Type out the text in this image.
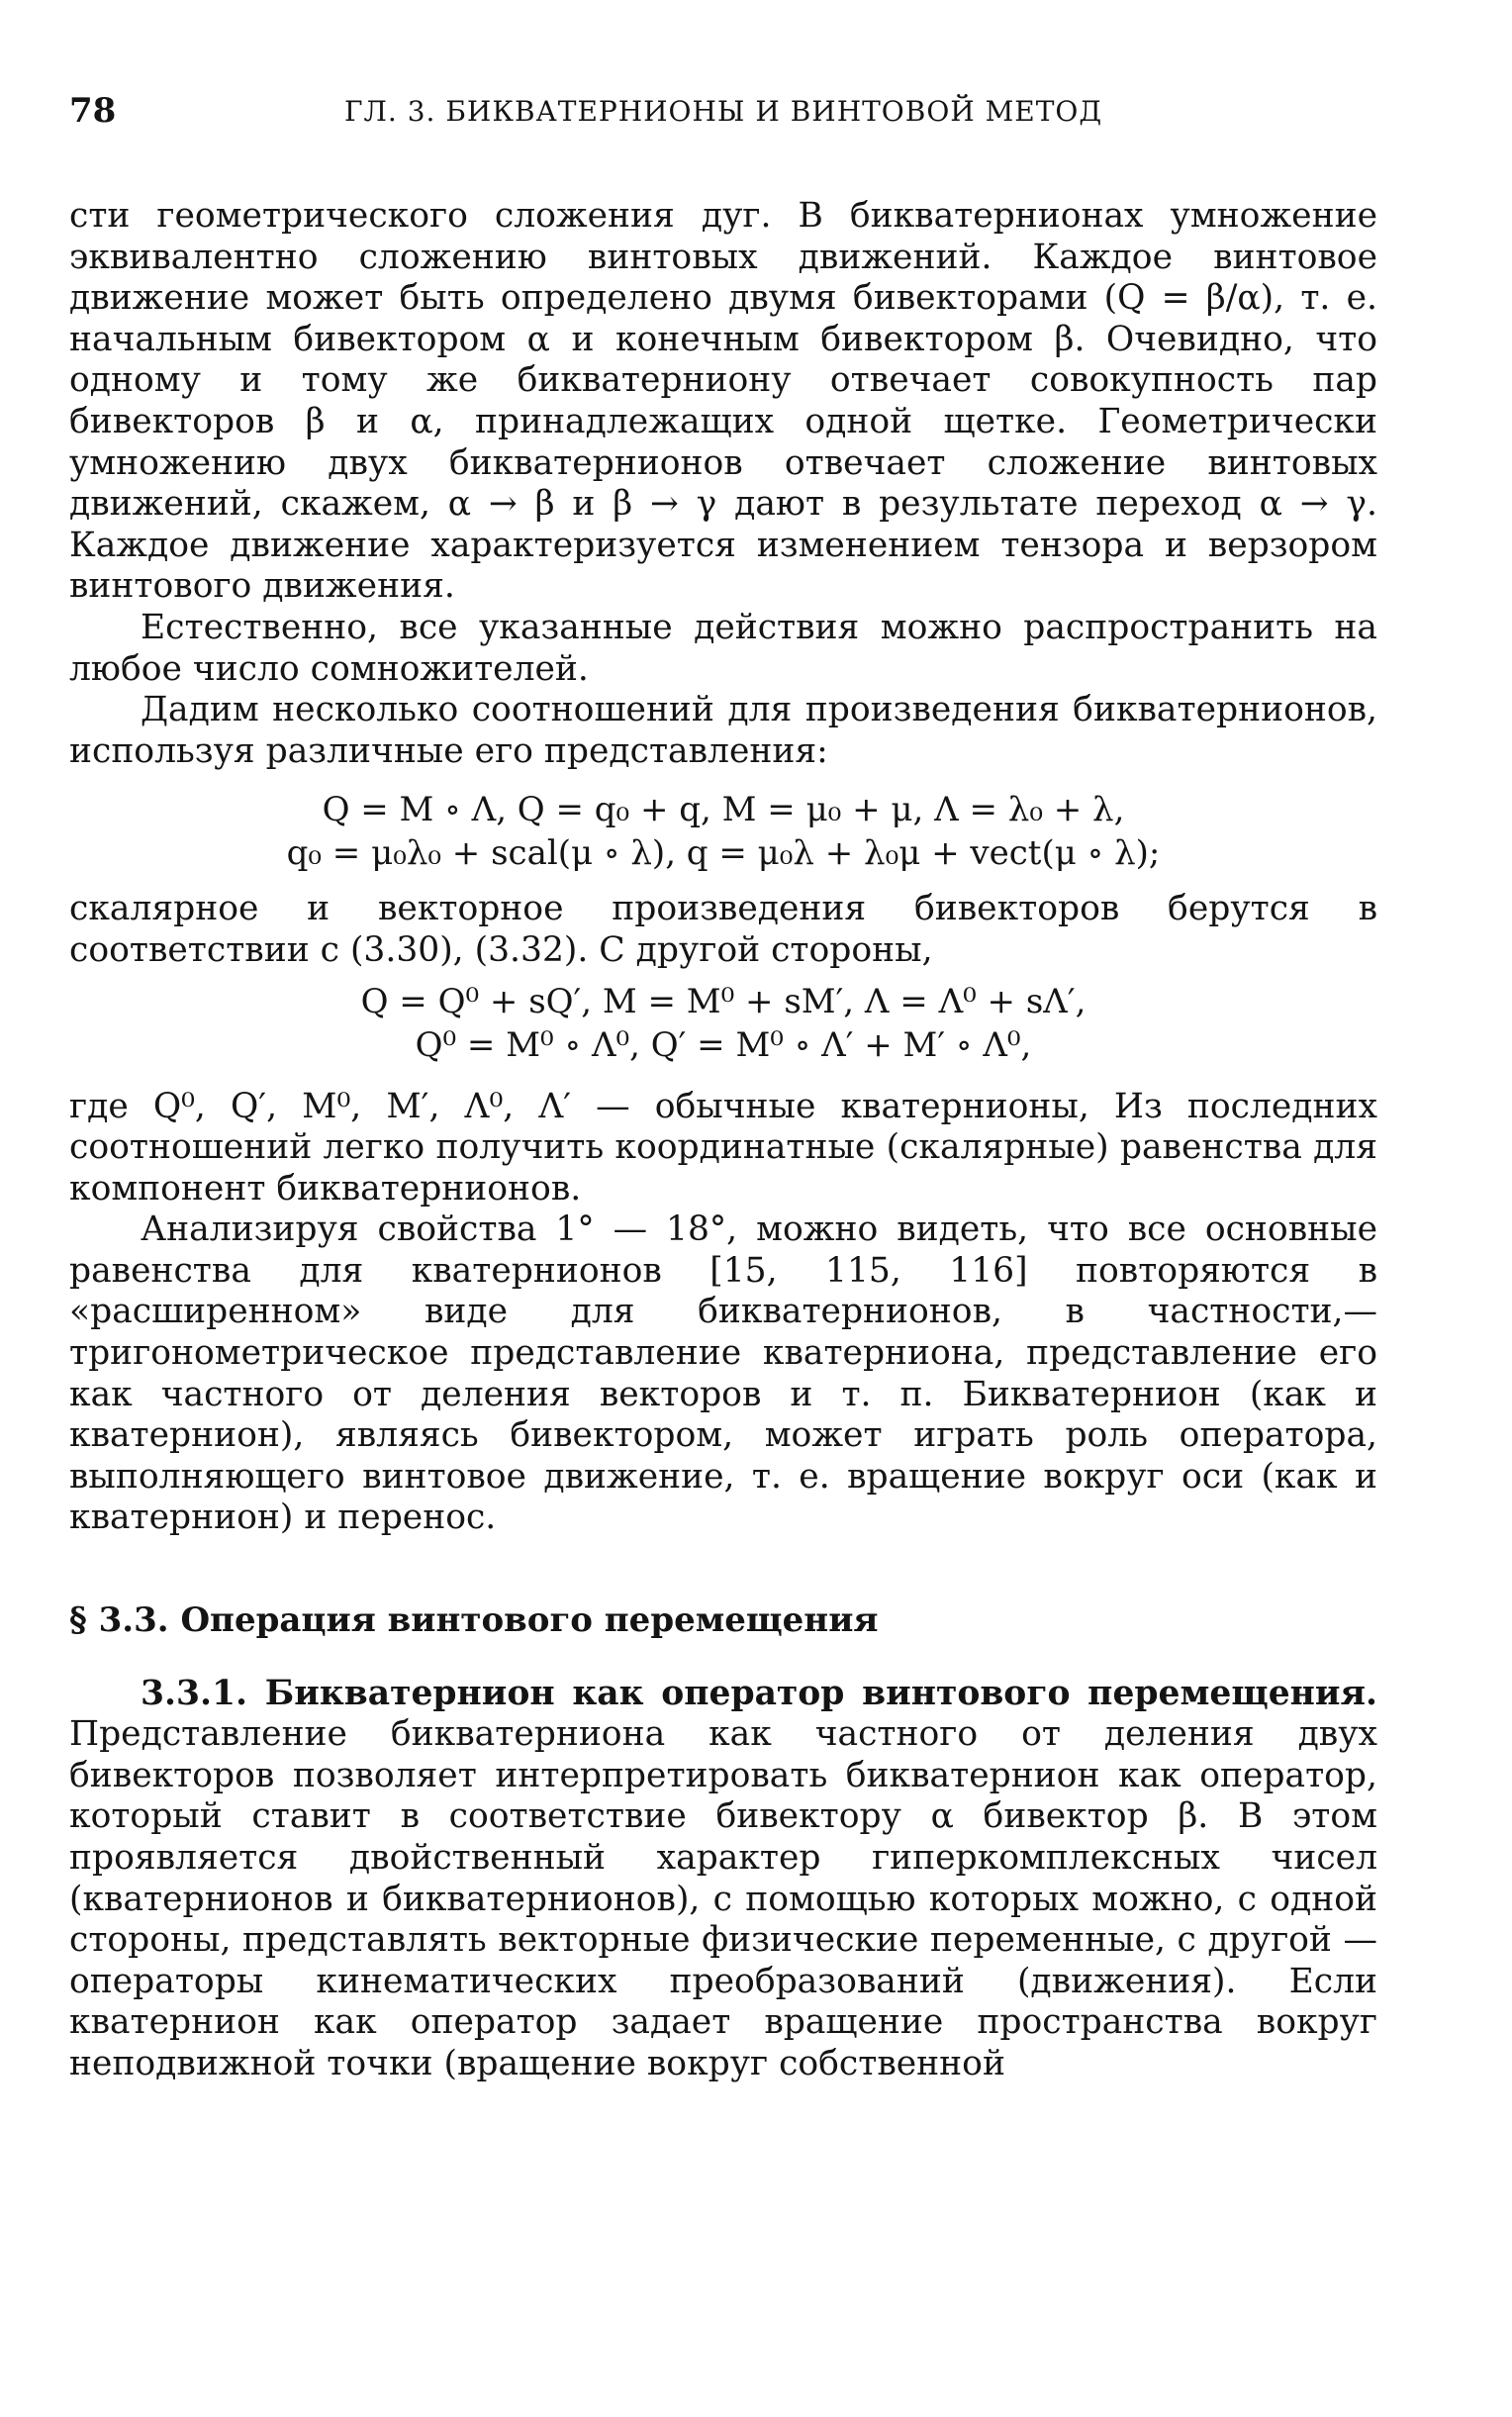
78	ГЛ. 3. БИКВАТЕРНИОНЫ И ВИНТОВОЙ МЕТОД

сти геометрического сложения дуг. В бикватернионах умножение эквивалентно сложению винтовых движений. Каждое винтовое движение может быть определено двумя бивекторами (Q = β/α), т. е. начальным бивектором α и конечным бивектором β. Очевидно, что одному и тому же бикватерниону отвечает совокупность пар бивекторов β и α, принадлежащих одной щетке. Геометрически умножению двух бикватернионов отвечает сложение винтовых движений, скажем, α → β и β → γ дают в результате переход α → γ. Каждое движение характеризуется изменением тензора и верзором винтового движения.

Естественно, все указанные действия можно распространить на любое число сомножителей.

Дадим несколько соотношений для произведения бикватернионов, используя различные его представления:

Q = M ∘ Λ, Q = q₀ + q, M = μ₀ + μ, Λ = λ₀ + λ,

q₀ = μ₀λ₀ + scal(μ ∘ λ), q = μ₀λ + λ₀μ + vect(μ ∘ λ);

скалярное и векторное произведения бивекторов берутся в соответствии с (3.30), (3.32). С другой стороны,

Q = Q⁰ + sQ′, M = M⁰ + sM′, Λ = Λ⁰ + sΛ′,

Q⁰ = M⁰ ∘ Λ⁰, Q′ = M⁰ ∘ Λ′ + M′ ∘ Λ⁰,

где Q⁰, Q′, M⁰, M′, Λ⁰, Λ′ — обычные кватернионы, Из последних соотношений легко получить координатные (скалярные) равенства для компонент бикватернионов.

Анализируя свойства 1° — 18°, можно видеть, что все основные равенства для кватернионов [15, 115, 116] повторяются в «расширенном» виде для бикватернионов, в частности,— тригонометрическое представление кватерниона, представление его как частного от деления векторов и т. п. Бикватернион (как и кватернион), являясь бивектором, может играть роль оператора, выполняющего винтовое движение, т. е. вращение вокруг оси (как и кватернион) и перенос.

§ 3.3. Операция винтового перемещения

3.3.1. Бикватернион как оператор винтового перемещения. Представление бикватерниона как частного от деления двух бивекторов позволяет интерпретировать бикватернион как оператор, который ставит в соответствие бивектору α бивектор β. В этом проявляется двойственный характер гиперкомплексных чисел (кватернионов и бикватернионов), с помощью которых можно, с одной стороны, представлять векторные физические переменные, с другой — операторы кинематических преобразований (движения). Если кватернион как оператор задает вращение пространства вокруг неподвижной точки (вращение вокруг собственной
